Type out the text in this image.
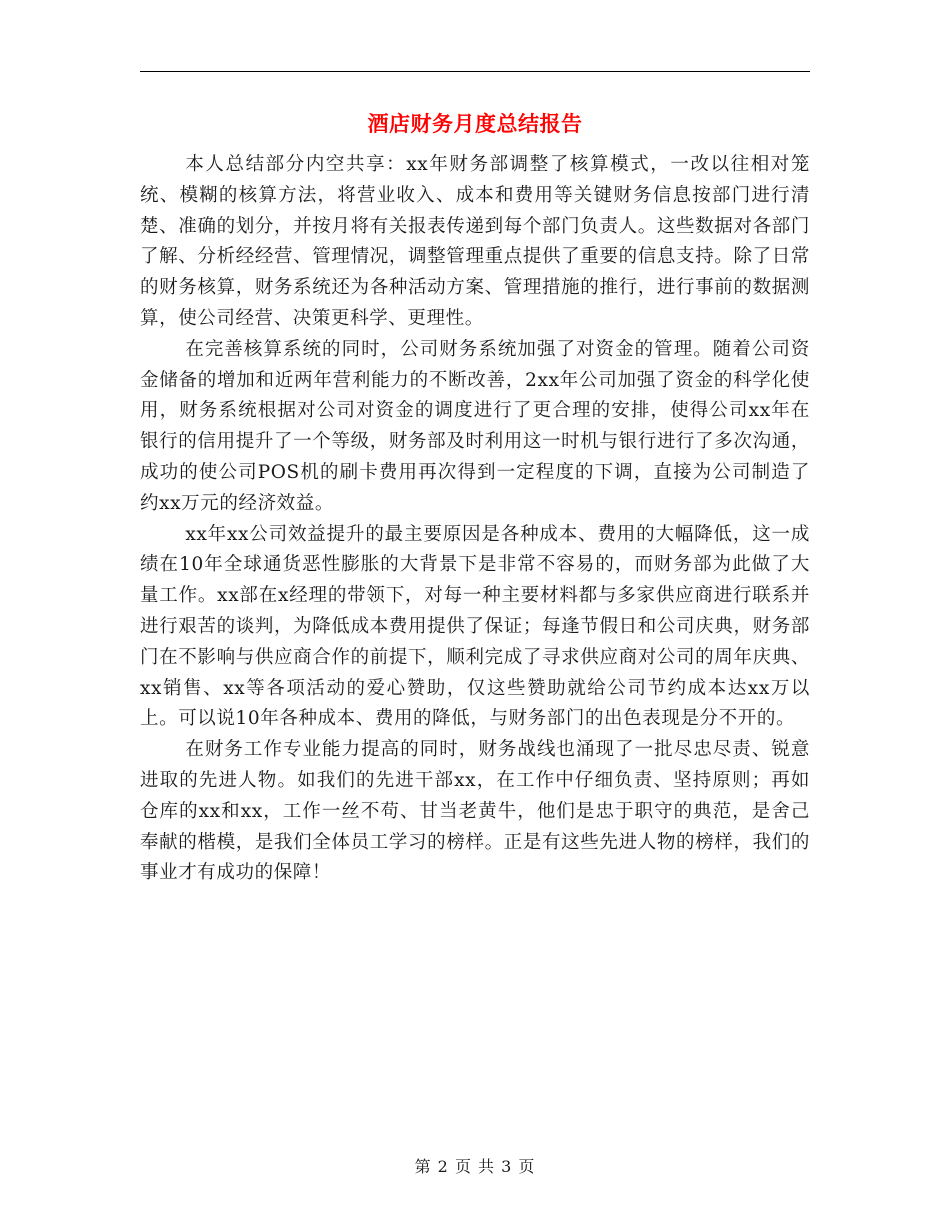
酒店财务月度总结报告

本人总结部分内空共享：xx年财务部调整了核算模式，一改以往相对笼统、模糊的核算方法，将营业收入、成本和费用等关键财务信息按部门进行清楚、准确的划分，并按月将有关报表传递到每个部门负责人。这些数据对各部门了解、分析经经营、管理情况，调整管理重点提供了重要的信息支持。除了日常的财务核算，财务系统还为各种活动方案、管理措施的推行，进行事前的数据测算，使公司经营、决策更科学、更理性。

在完善核算系统的同时，公司财务系统加强了对资金的管理。随着公司资金储备的增加和近两年营利能力的不断改善，2xx年公司加强了资金的科学化使用，财务系统根据对公司对资金的调度进行了更合理的安排，使得公司xx年在银行的信用提升了一个等级，财务部及时利用这一时机与银行进行了多次沟通，成功的使公司POS机的刷卡费用再次得到一定程度的下调，直接为公司制造了约xx万元的经济效益。

xx年xx公司效益提升的最主要原因是各种成本、费用的大幅降低，这一成绩在10年全球通货恶性膨胀的大背景下是非常不容易的，而财务部为此做了大量工作。xx部在x经理的带领下，对每一种主要材料都与多家供应商进行联系并进行艰苦的谈判，为降低成本费用提供了保证；每逢节假日和公司庆典，财务部门在不影响与供应商合作的前提下，顺利完成了寻求供应商对公司的周年庆典、xx销售、xx等各项活动的爱心赞助，仅这些赞助就给公司节约成本达xx万以上。可以说10年各种成本、费用的降低，与财务部门的出色表现是分不开的。

在财务工作专业能力提高的同时，财务战线也涌现了一批尽忠尽责、锐意进取的先进人物。如我们的先进干部xx，在工作中仔细负责、坚持原则；再如仓库的xx和xx，工作一丝不苟、甘当老黄牛，他们是忠于职守的典范，是舍己奉献的楷模，是我们全体员工学习的榜样。正是有这些先进人物的榜样，我们的事业才有成功的保障！

第 2 页 共 3 页
